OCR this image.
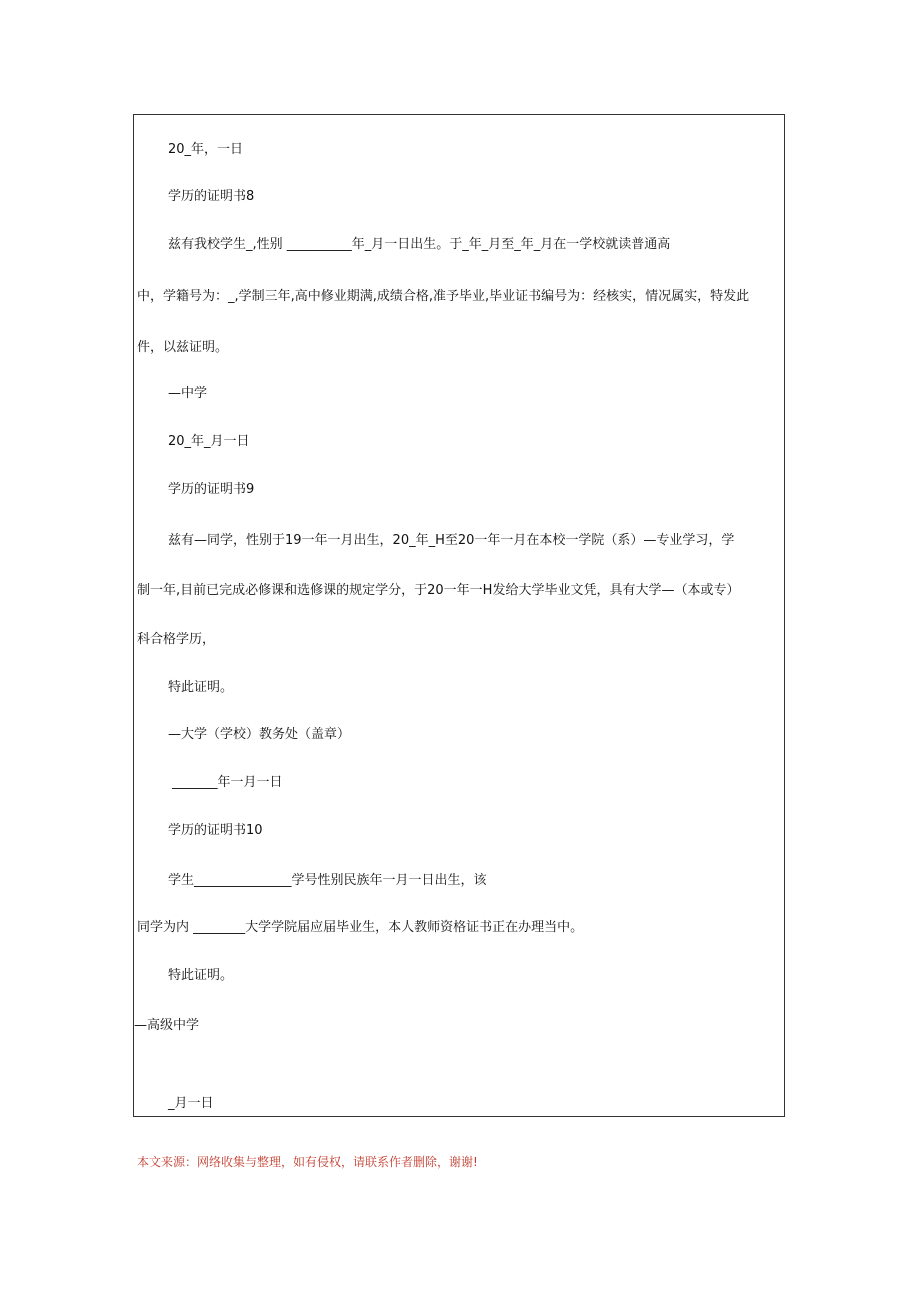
20_年，一日
学历的证明书8
兹有我校学生_,性别 __________年_月一日出生。于_年_月至_年_月在一学校就读普通高
中，学籍号为：_,学制三年,高中修业期满,成绩合格,准予毕业,毕业证书编号为：经核实，情况属实，特发此
件，以兹证明。
—中学
20_年_月一日
学历的证明书9
兹有—同学，性别于19一年一月出生，20_年_H至20一年一月在本校一学院（系）—专业学习，学
制一年,目前已完成必修课和选修课的规定学分，于20一年一H发给大学毕业文凭，具有大学—（本或专）
科合格学历，
特此证明。
—大学（学校）教务处（盖章）
_______年一月一日
学历的证明书10
学生_______________学号性别民族年一月一日出生，该
同学为内 ________大学学院届应届毕业生，本人教师资格证书正在办理当中。
特此证明。
—高级中学
_月一日
本文来源：网络收集与整理，如有侵权，请联系作者删除，谢谢!
